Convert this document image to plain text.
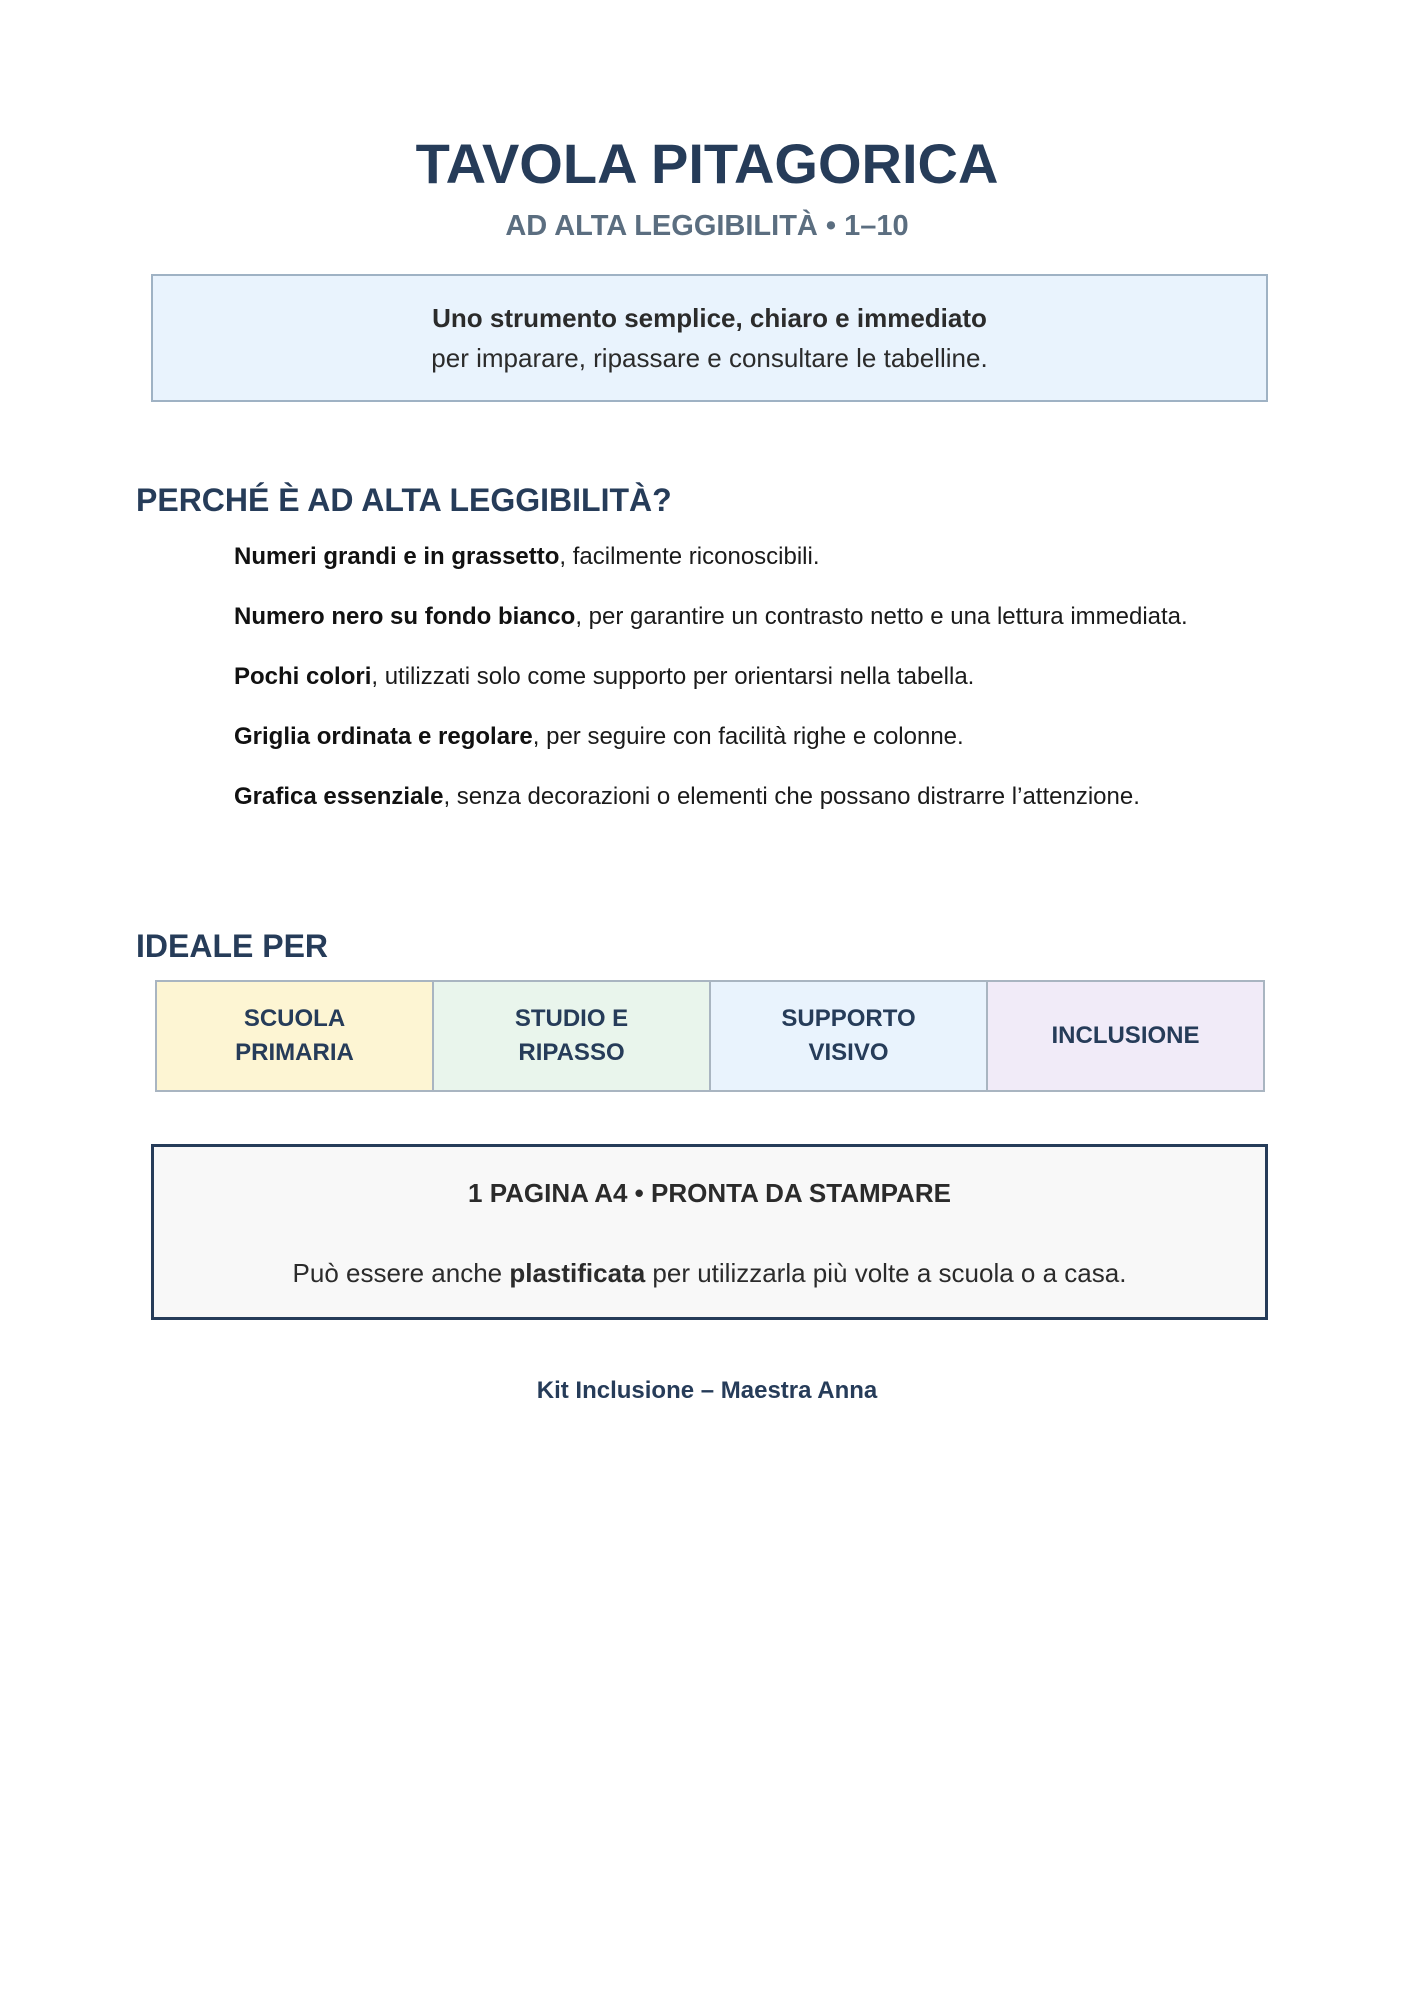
TAVOLA PITAGORICA
AD ALTA LEGGIBILITÀ • 1–10
Uno strumento semplice, chiaro e immediato
per imparare, ripassare e consultare le tabelline.
PERCHÉ È AD ALTA LEGGIBILITÀ?
Numeri grandi e in grassetto, facilmente riconoscibili.
Numero nero su fondo bianco, per garantire un contrasto netto e una lettura immediata.
Pochi colori, utilizzati solo come supporto per orientarsi nella tabella.
Griglia ordinata e regolare, per seguire con facilità righe e colonne.
Grafica essenziale, senza decorazioni o elementi che possano distrarre l’attenzione.
IDEALE PER
SCUOLA
PRIMARIA
STUDIO E
RIPASSO
SUPPORTO
VISIVO
INCLUSIONE
1 PAGINA A4 • PRONTA DA STAMPARE
Può essere anche plastificata per utilizzarla più volte a scuola o a casa.
Kit Inclusione – Maestra Anna
